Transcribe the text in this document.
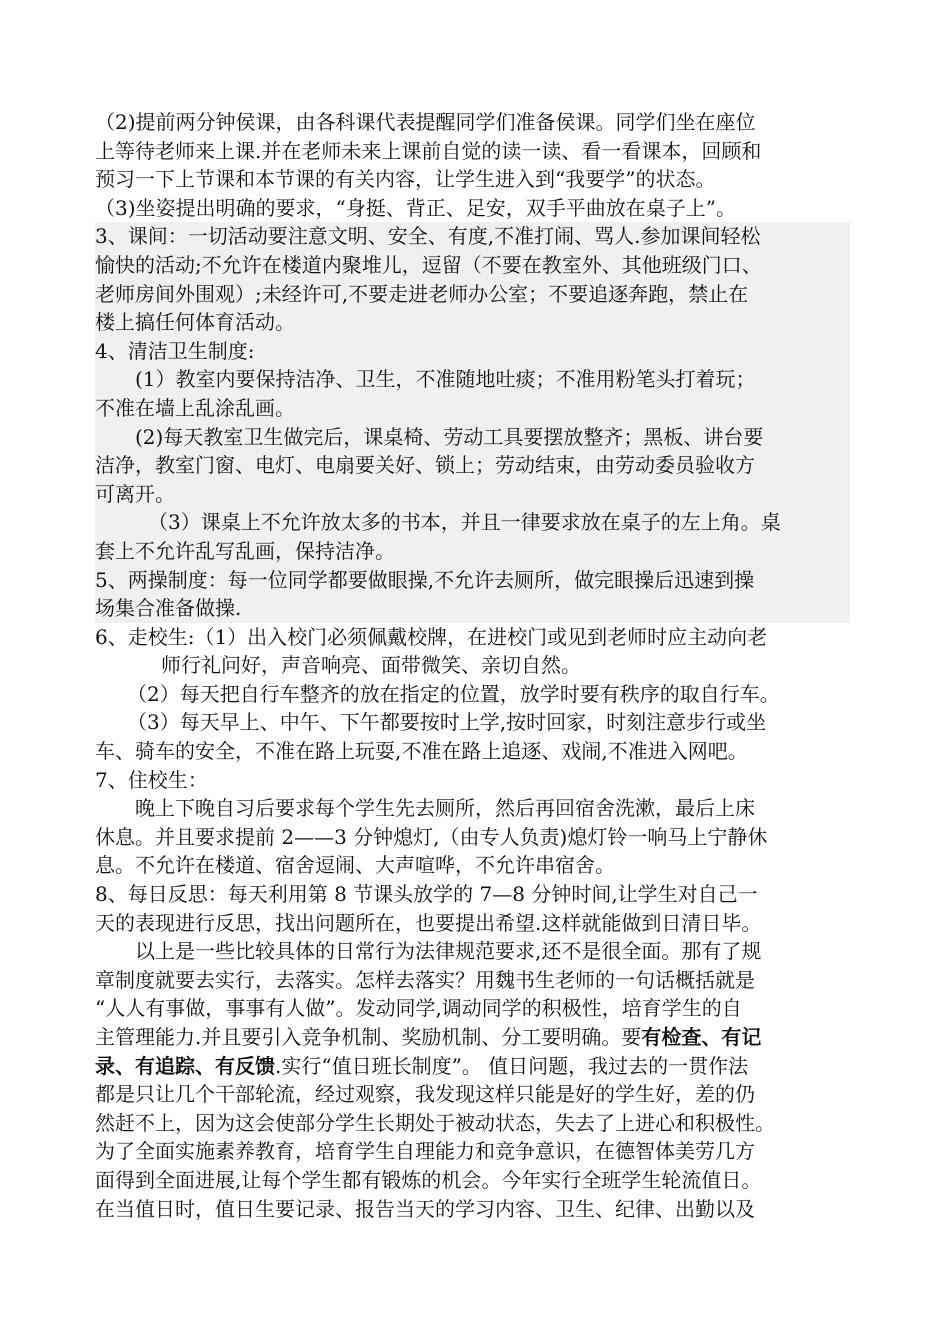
（2)提前两分钟侯课，由各科课代表提醒同学们准备侯课。同学们坐在座位
上等待老师来上课.并在老师未来上课前自觉的读一读、看一看课本，回顾和
预习一下上节课和本节课的有关内容，让学生进入到“我要学”的状态。
（3)坐姿提出明确的要求，“身挺、背正、足安，双手平曲放在桌子上”。
3、课间：一切活动要注意文明、安全、有度,不准打闹、骂人.参加课间轻松
愉快的活动;不允许在楼道内聚堆儿，逗留（不要在教室外、其他班级门口、
老师房间外围观）;未经许可,不要走进老师办公室；不要追逐奔跑，禁止在
楼上搞任何体育活动。
4、清洁卫生制度:
(1）教室内要保持洁净、卫生，不准随地吐痰；不准用粉笔头打着玩；
不准在墙上乱涂乱画。
(2)每天教室卫生做完后，课桌椅、劳动工具要摆放整齐；黑板、讲台要
洁净，教室门窗、电灯、电扇要关好、锁上；劳动结束，由劳动委员验收方
可离开。
（3）课桌上不允许放太多的书本，并且一律要求放在桌子的左上角。桌
套上不允许乱写乱画，保持洁净。
5、两操制度：每一位同学都要做眼操,不允许去厕所，做完眼操后迅速到操
场集合准备做操.
6、走校生:（1）出入校门必须佩戴校牌，在进校门或见到老师时应主动向老
师行礼问好，声音响亮、面带微笑、亲切自然。
（2）每天把自行车整齐的放在指定的位置，放学时要有秩序的取自行车。
（3）每天早上、中午、下午都要按时上学,按时回家，时刻注意步行或坐
车、骑车的安全，不准在路上玩耍,不准在路上追逐、戏闹,不准进入网吧。
7、住校生：
晚上下晚自习后要求每个学生先去厕所，然后再回宿舍洗漱，最后上床
休息。并且要求提前 2——3 分钟熄灯,（由专人负责)熄灯铃一响马上宁静休
息。不允许在楼道、宿舍逗闹、大声喧哗，不允许串宿舍。
8、每日反思：每天利用第 8 节课头放学的 7—8 分钟时间,让学生对自己一
天的表现进行反思，找出问题所在，也要提出希望.这样就能做到日清日毕。
以上是一些比较具体的日常行为法律规范要求,还不是很全面。那有了规
章制度就要去实行，去落实。怎样去落实？用魏书生老师的一句话概括就是
“人人有事做，事事有人做”。发动同学,调动同学的积极性，培育学生的自
主管理能力.并且要引入竞争机制、奖励机制、分工要明确。要有检查、有记
录、有追踪、有反馈.实行“值日班长制度”。 值日问题，我过去的一贯作法
都是只让几个干部轮流，经过观察，我发现这样只能是好的学生好，差的仍
然赶不上，因为这会使部分学生长期处于被动状态，失去了上进心和积极性。
为了全面实施素养教育，培育学生自理能力和竞争意识，在德智体美劳几方
面得到全面进展,让每个学生都有锻炼的机会。今年实行全班学生轮流值日。
在当值日时，值日生要记录、报告当天的学习内容、卫生、纪律、出勤以及
